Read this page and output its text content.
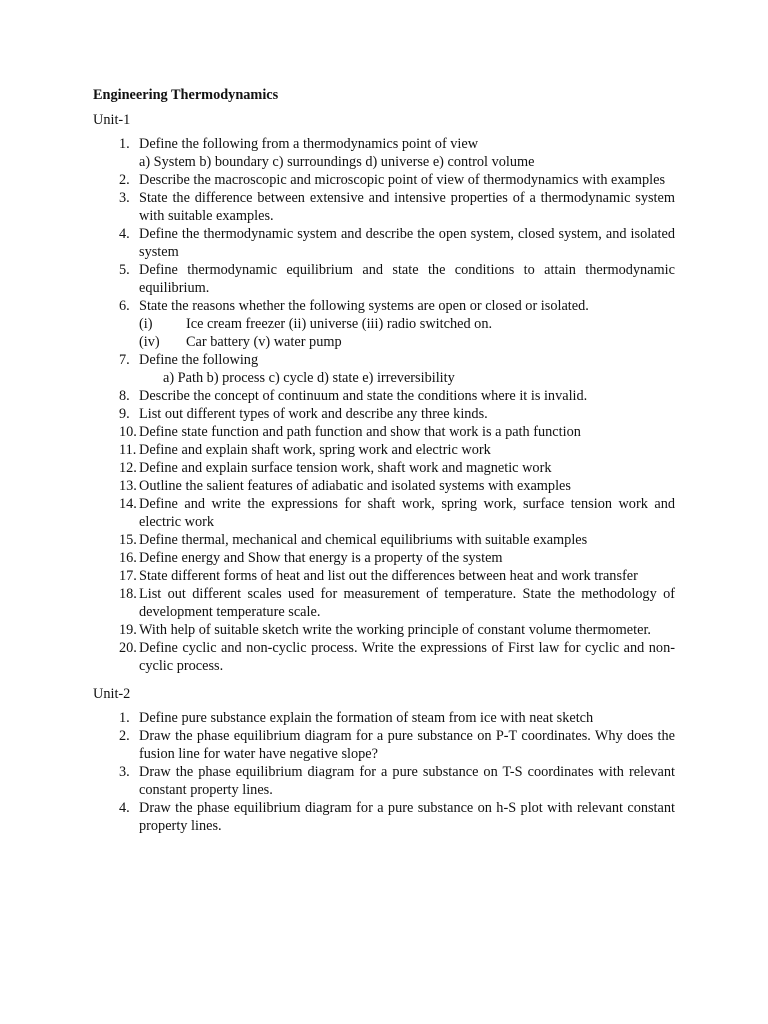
Engineering Thermodynamics
Unit-1
1. Define the following from a thermodynamics point of view
a) System b) boundary c) surroundings d) universe e) control volume
2. Describe the macroscopic and microscopic point of view of thermodynamics with examples
3. State the difference between extensive and intensive properties of a thermodynamic system with suitable examples.
4. Define the thermodynamic system and describe the open system, closed system, and isolated system
5. Define thermodynamic equilibrium and state the conditions to attain thermodynamic equilibrium.
6. State the reasons whether the following systems are open or closed or isolated.
(i)	Ice cream freezer (ii) universe (iii) radio switched on.
(iv)	Car battery (v) water pump
7. Define the following
a) Path b) process c) cycle d) state e) irreversibility
8. Describe the concept of continuum and state the conditions where it is invalid.
9. List out different types of work and describe any three kinds.
10. Define state function and path function and show that work is a path function
11. Define and explain shaft work, spring work and electric work
12. Define and explain surface tension work, shaft work and magnetic work
13. Outline the salient features of adiabatic and isolated systems with examples
14. Define and write the expressions for shaft work, spring work, surface tension work and electric work
15. Define thermal, mechanical and chemical equilibriums with suitable examples
16. Define energy and Show that energy is a property of the system
17. State different forms of heat and list out the differences between heat and work transfer
18. List out different scales used for measurement of temperature. State the methodology of development temperature scale.
19. With help of suitable sketch write the working principle of constant volume thermometer.
20. Define cyclic and non-cyclic process. Write the expressions of First law for cyclic and non-cyclic process.
Unit-2
1. Define pure substance explain the formation of steam from ice with neat sketch
2. Draw the phase equilibrium diagram for a pure substance on P-T coordinates. Why does the fusion line for water have negative slope?
3. Draw the phase equilibrium diagram for a pure substance on T-S coordinates with relevant constant property lines.
4. Draw the phase equilibrium diagram for a pure substance on h-S plot with relevant constant property lines.
